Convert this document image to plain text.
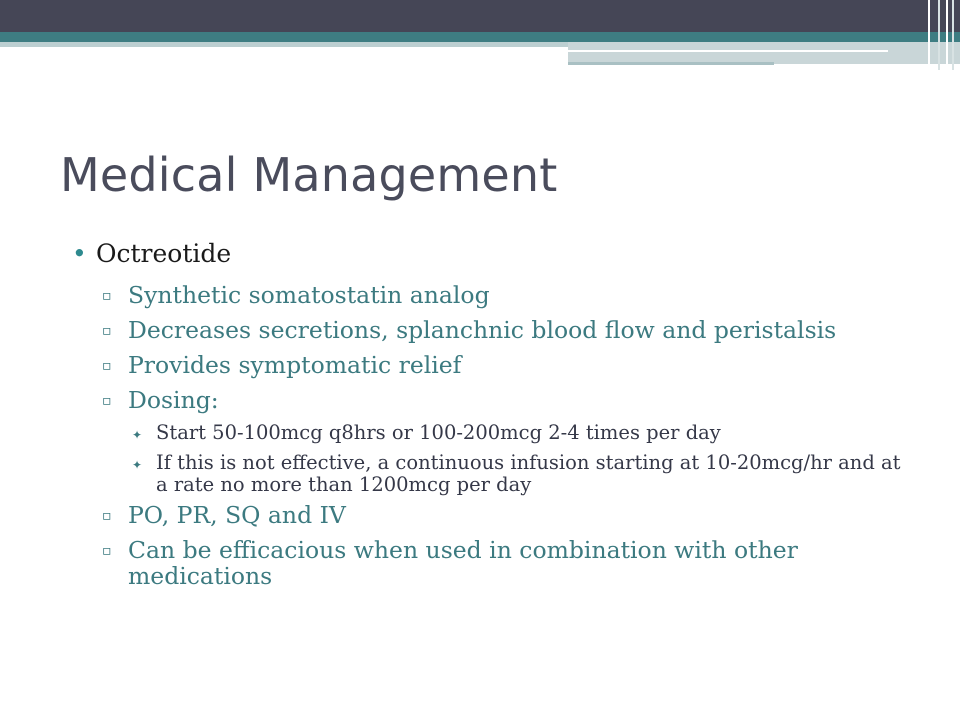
Medical Management
• Octreotide
▫ Synthetic somatostatin analog
▫ Decreases secretions, splanchnic blood flow and peristalsis
▫ Provides symptomatic relief
▫ Dosing:
✦ Start 50-100mcg q8hrs or 100-200mcg 2-4 times per day
✦ If this is not effective, a continuous infusion starting at 10-20mcg/hr and at a rate no more than 1200mcg per day
▫ PO, PR, SQ and IV
▫ Can be efficacious when used in combination with other medications
